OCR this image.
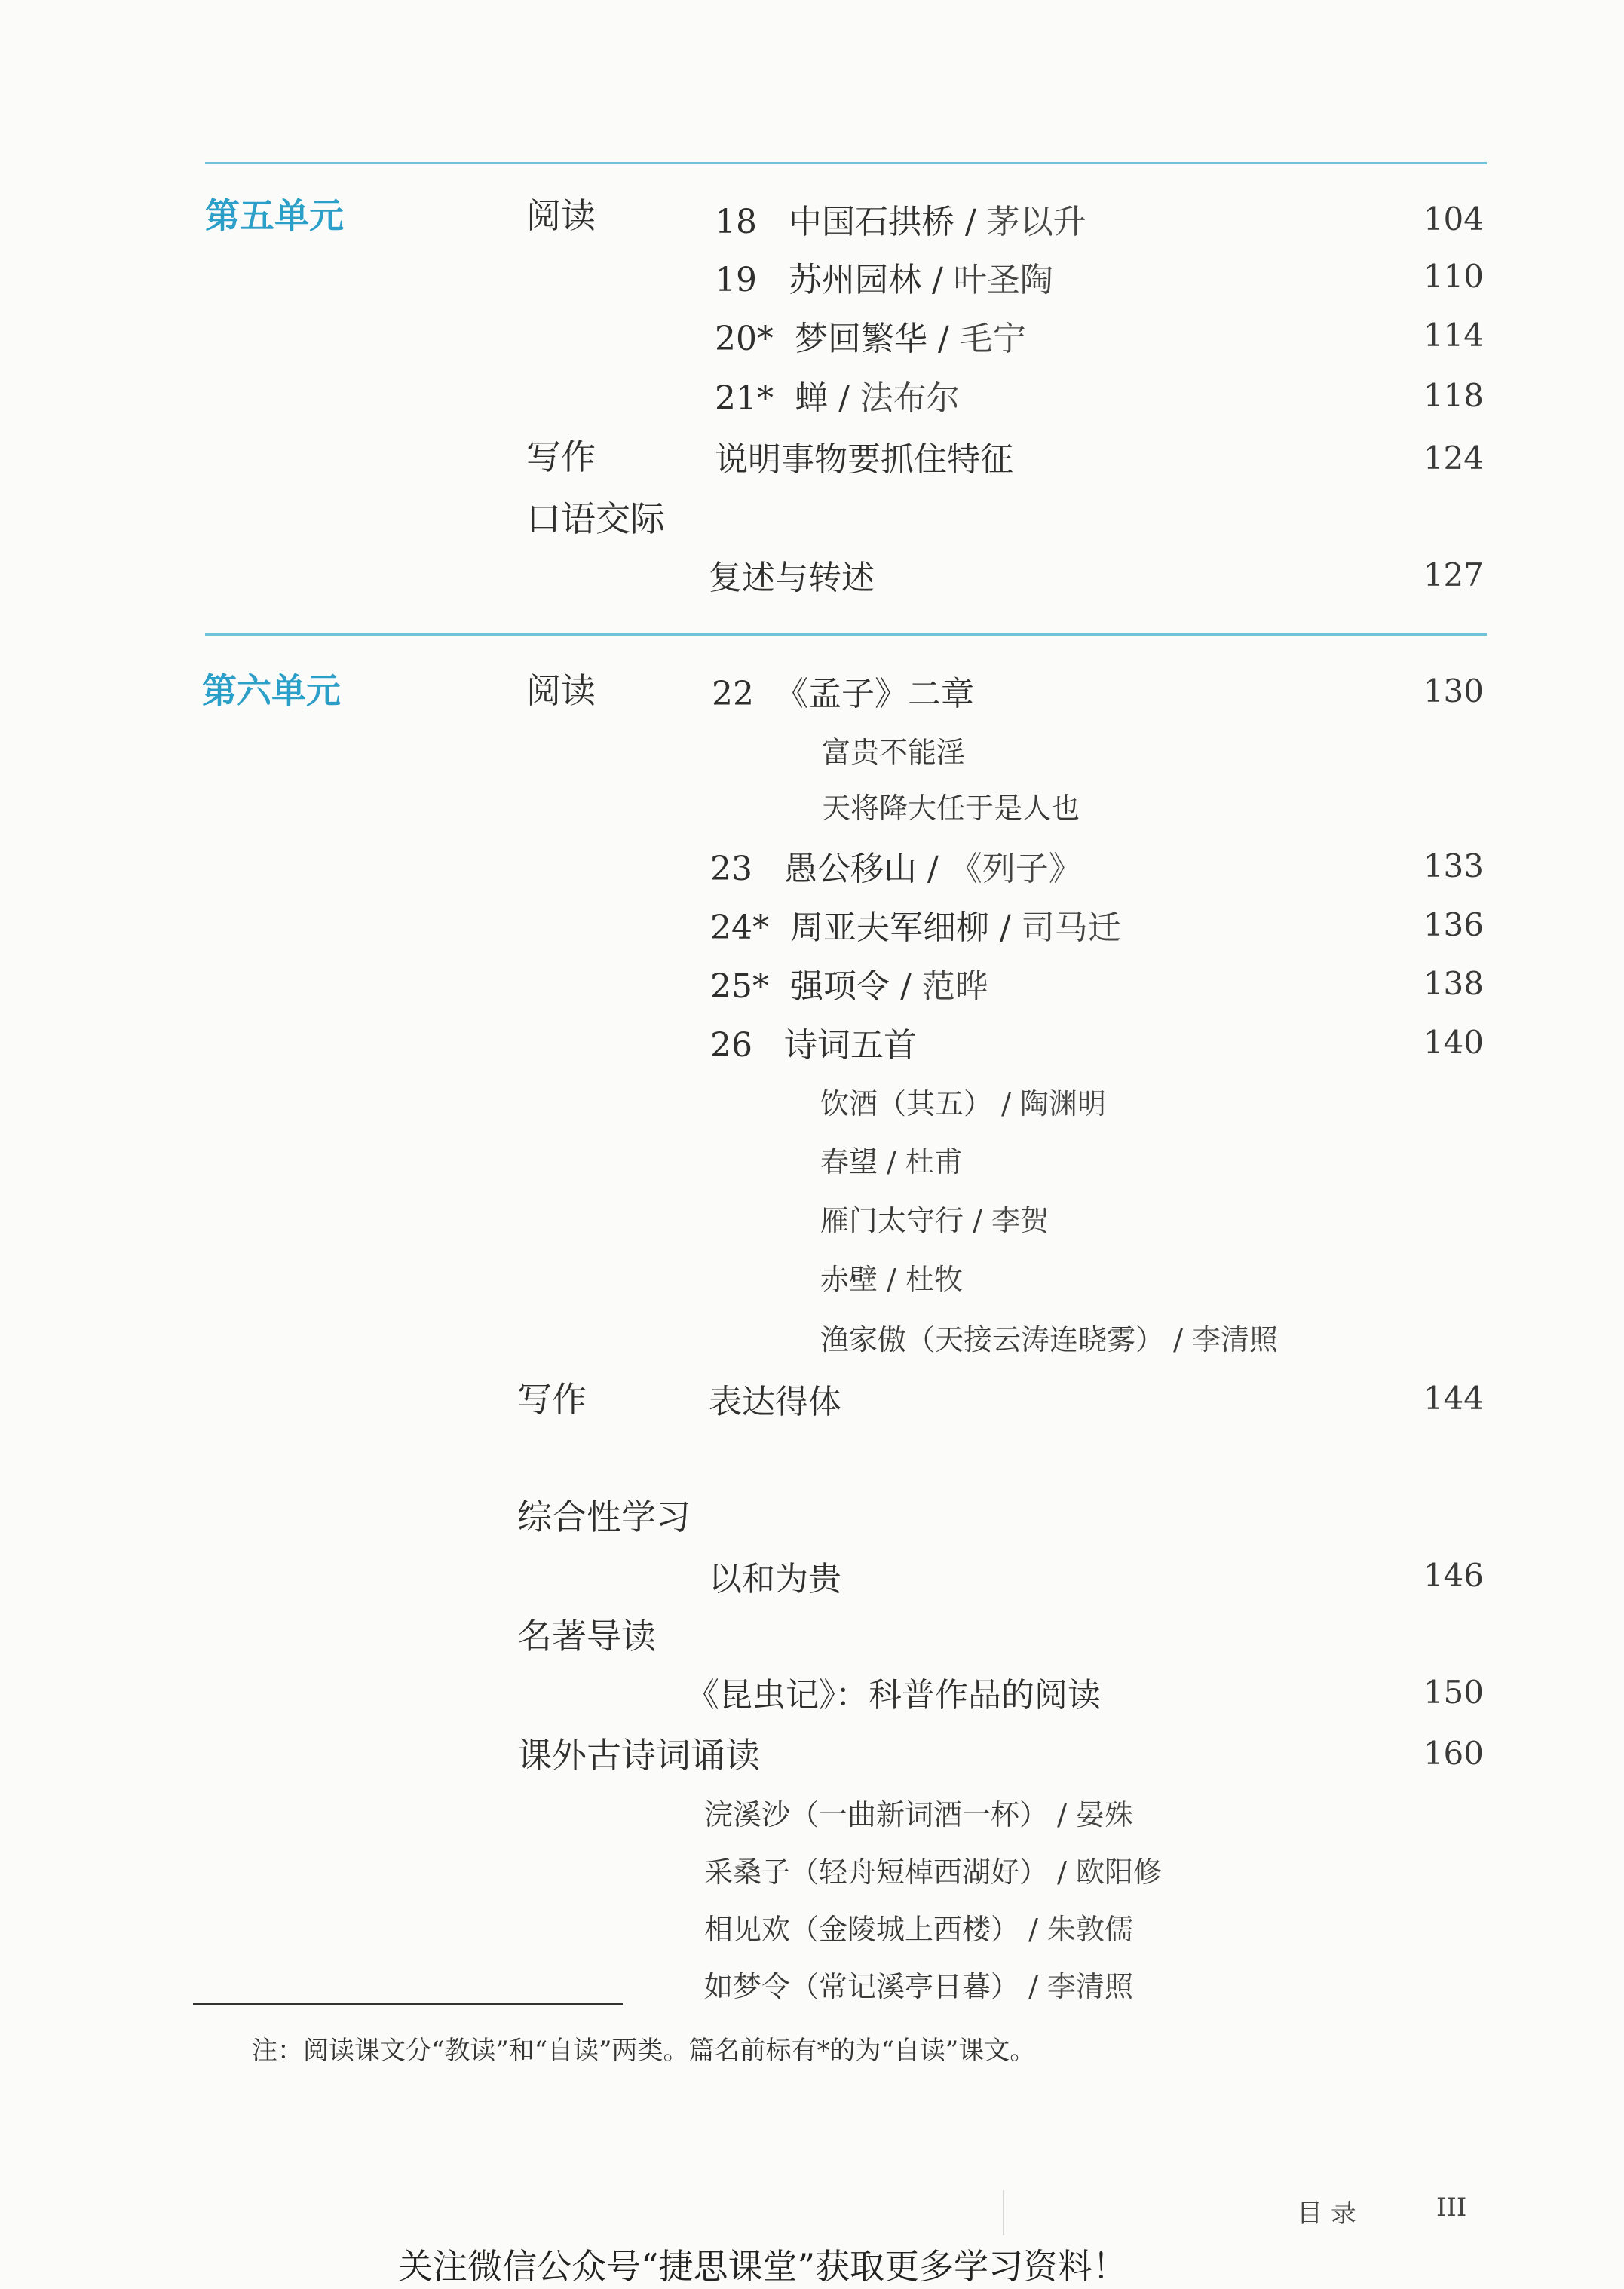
第五单元	阅读	18 中国石拱桥 / 茅以升	104
19 苏州园林 / 叶圣陶	110
20* 梦回繁华 / 毛宁	114
21* 蝉 / 法布尔	118
写作	说明事物要抓住特征	124
口语交际
复述与转述	127
第六单元	阅读	22 《孟子》二章	130
富贵不能淫
天将降大任于是人也
23 愚公移山 / 《列子》	133
24* 周亚夫军细柳 / 司马迁	136
25* 强项令 / 范晔	138
26 诗词五首	140
饮酒（其五） / 陶渊明
春望 / 杜甫
雁门太守行 / 李贺
赤壁 / 杜牧
渔家傲（天接云涛连晓雾） / 李清照
写作	表达得体	144
综合性学习
以和为贵	146
名著导读
《昆虫记》：科普作品的阅读	150
课外古诗词诵读	160
浣溪沙（一曲新词酒一杯） / 晏殊
采桑子（轻舟短棹西湖好） / 欧阳修
相见欢（金陵城上西楼） / 朱敦儒
如梦令（常记溪亭日暮） / 李清照
注：阅读课文分“教读”和“自读”两类。篇名前标有*的为“自读”课文。
目 录	III
关注微信公众号“捷思课堂”获取更多学习资料！
